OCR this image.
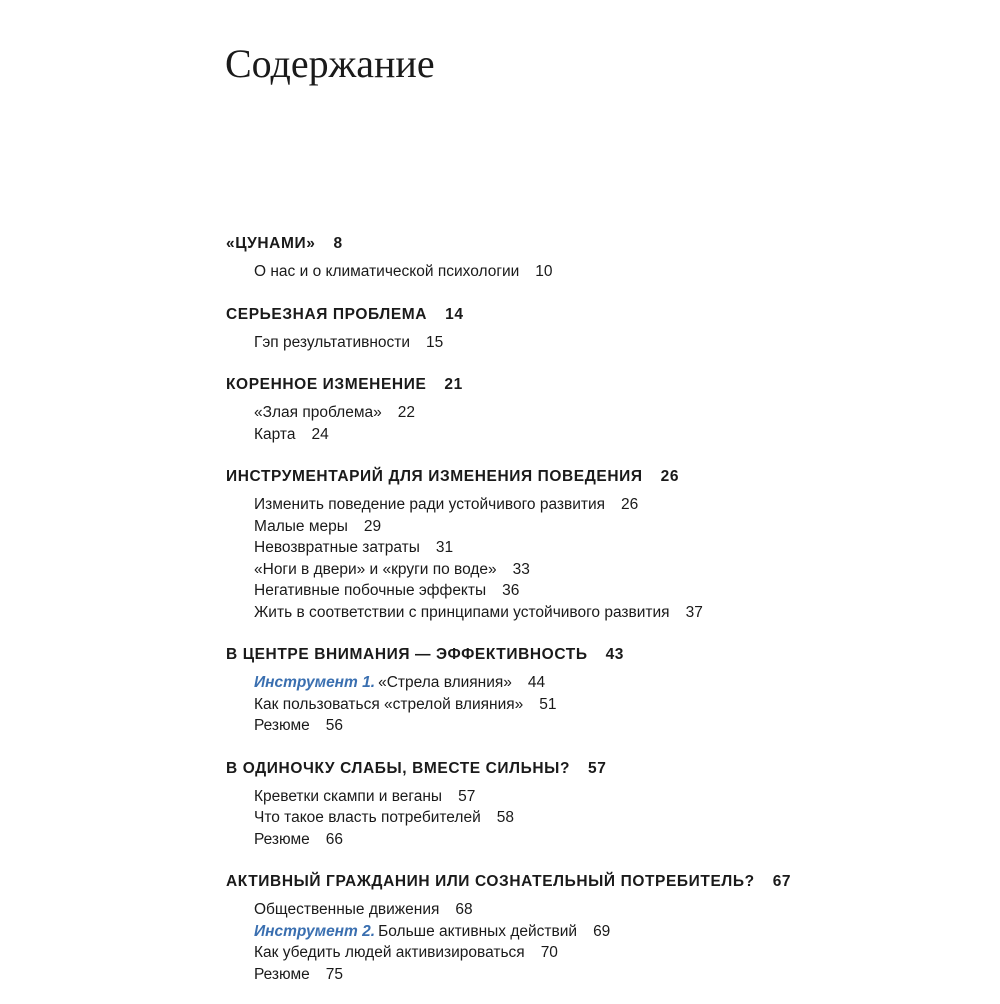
Содержание
«ЦУНАМИ» 8
О нас и о климатической психологии 10
СЕРЬЕЗНАЯ ПРОБЛЕМА 14
Гэп результативности 15
КОРЕННОЕ ИЗМЕНЕНИЕ 21
«Злая проблема» 22
Карта 24
ИНСТРУМЕНТАРИЙ ДЛЯ ИЗМЕНЕНИЯ ПОВЕДЕНИЯ 26
Изменить поведение ради устойчивого развития 26
Малые меры 29
Невозвратные затраты 31
«Ноги в двери» и «круги по воде» 33
Негативные побочные эффекты 36
Жить в соответствии с принципами устойчивого развития 37
В ЦЕНТРЕ ВНИМАНИЯ — ЭФФЕКТИВНОСТЬ 43
Инструмент 1. «Стрела влияния» 44
Как пользоваться «стрелой влияния» 51
Резюме 56
В ОДИНОЧКУ СЛАБЫ, ВМЕСТЕ СИЛЬНЫ? 57
Креветки скампи и веганы 57
Что такое власть потребителей 58
Резюме 66
АКТИВНЫЙ ГРАЖДАНИН ИЛИ СОЗНАТЕЛЬНЫЙ ПОТРЕБИТЕЛЬ? 67
Общественные движения 68
Инструмент 2. Больше активных действий 69
Как убедить людей активизироваться 70
Резюме 75
